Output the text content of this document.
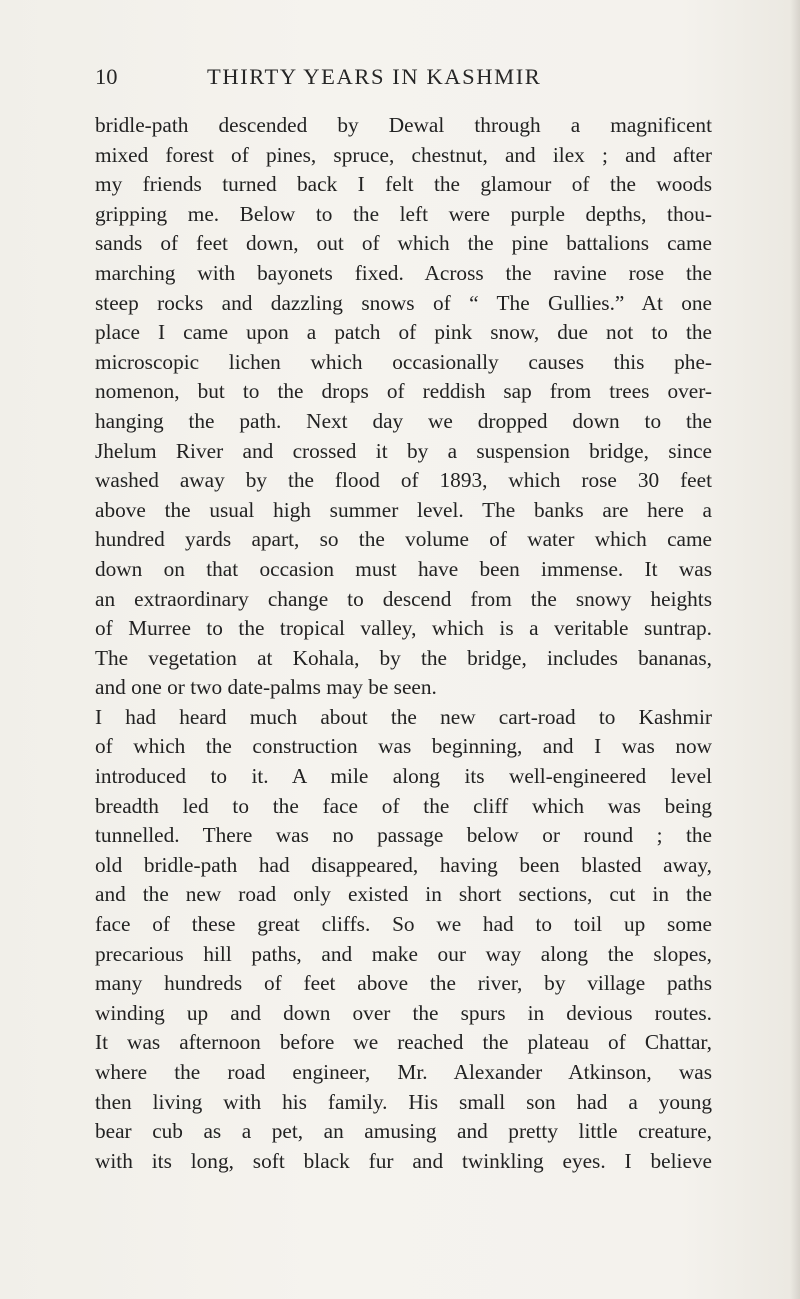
10	THIRTY YEARS IN KASHMIR
bridle-path descended by Dewal through a magnificent
mixed forest of pines, spruce, chestnut, and ilex ; and after
my friends turned back I felt the glamour of the woods
gripping me. Below to the left were purple depths, thou-
sands of feet down, out of which the pine battalions came
marching with bayonets fixed. Across the ravine rose the
steep rocks and dazzling snows of “ The Gullies.” At one
place I came upon a patch of pink snow, due not to the
microscopic lichen which occasionally causes this phe-
nomenon, but to the drops of reddish sap from trees over-
hanging the path. Next day we dropped down to the
Jhelum River and crossed it by a suspension bridge, since
washed away by the flood of 1893, which rose 30 feet
above the usual high summer level. The banks are here a
hundred yards apart, so the volume of water which came
down on that occasion must have been immense. It was
an extraordinary change to descend from the snowy heights
of Murree to the tropical valley, which is a veritable suntrap.
The vegetation at Kohala, by the bridge, includes bananas,
and one or two date-palms may be seen.
I had heard much about the new cart-road to Kashmir
of which the construction was beginning, and I was now
introduced to it. A mile along its well-engineered level
breadth led to the face of the cliff which was being
tunnelled. There was no passage below or round ; the
old bridle-path had disappeared, having been blasted away,
and the new road only existed in short sections, cut in the
face of these great cliffs. So we had to toil up some
precarious hill paths, and make our way along the slopes,
many hundreds of feet above the river, by village paths
winding up and down over the spurs in devious routes.
It was afternoon before we reached the plateau of Chattar,
where the road engineer, Mr. Alexander Atkinson, was
then living with his family. His small son had a young
bear cub as a pet, an amusing and pretty little creature,
with its long, soft black fur and twinkling eyes. I believe
